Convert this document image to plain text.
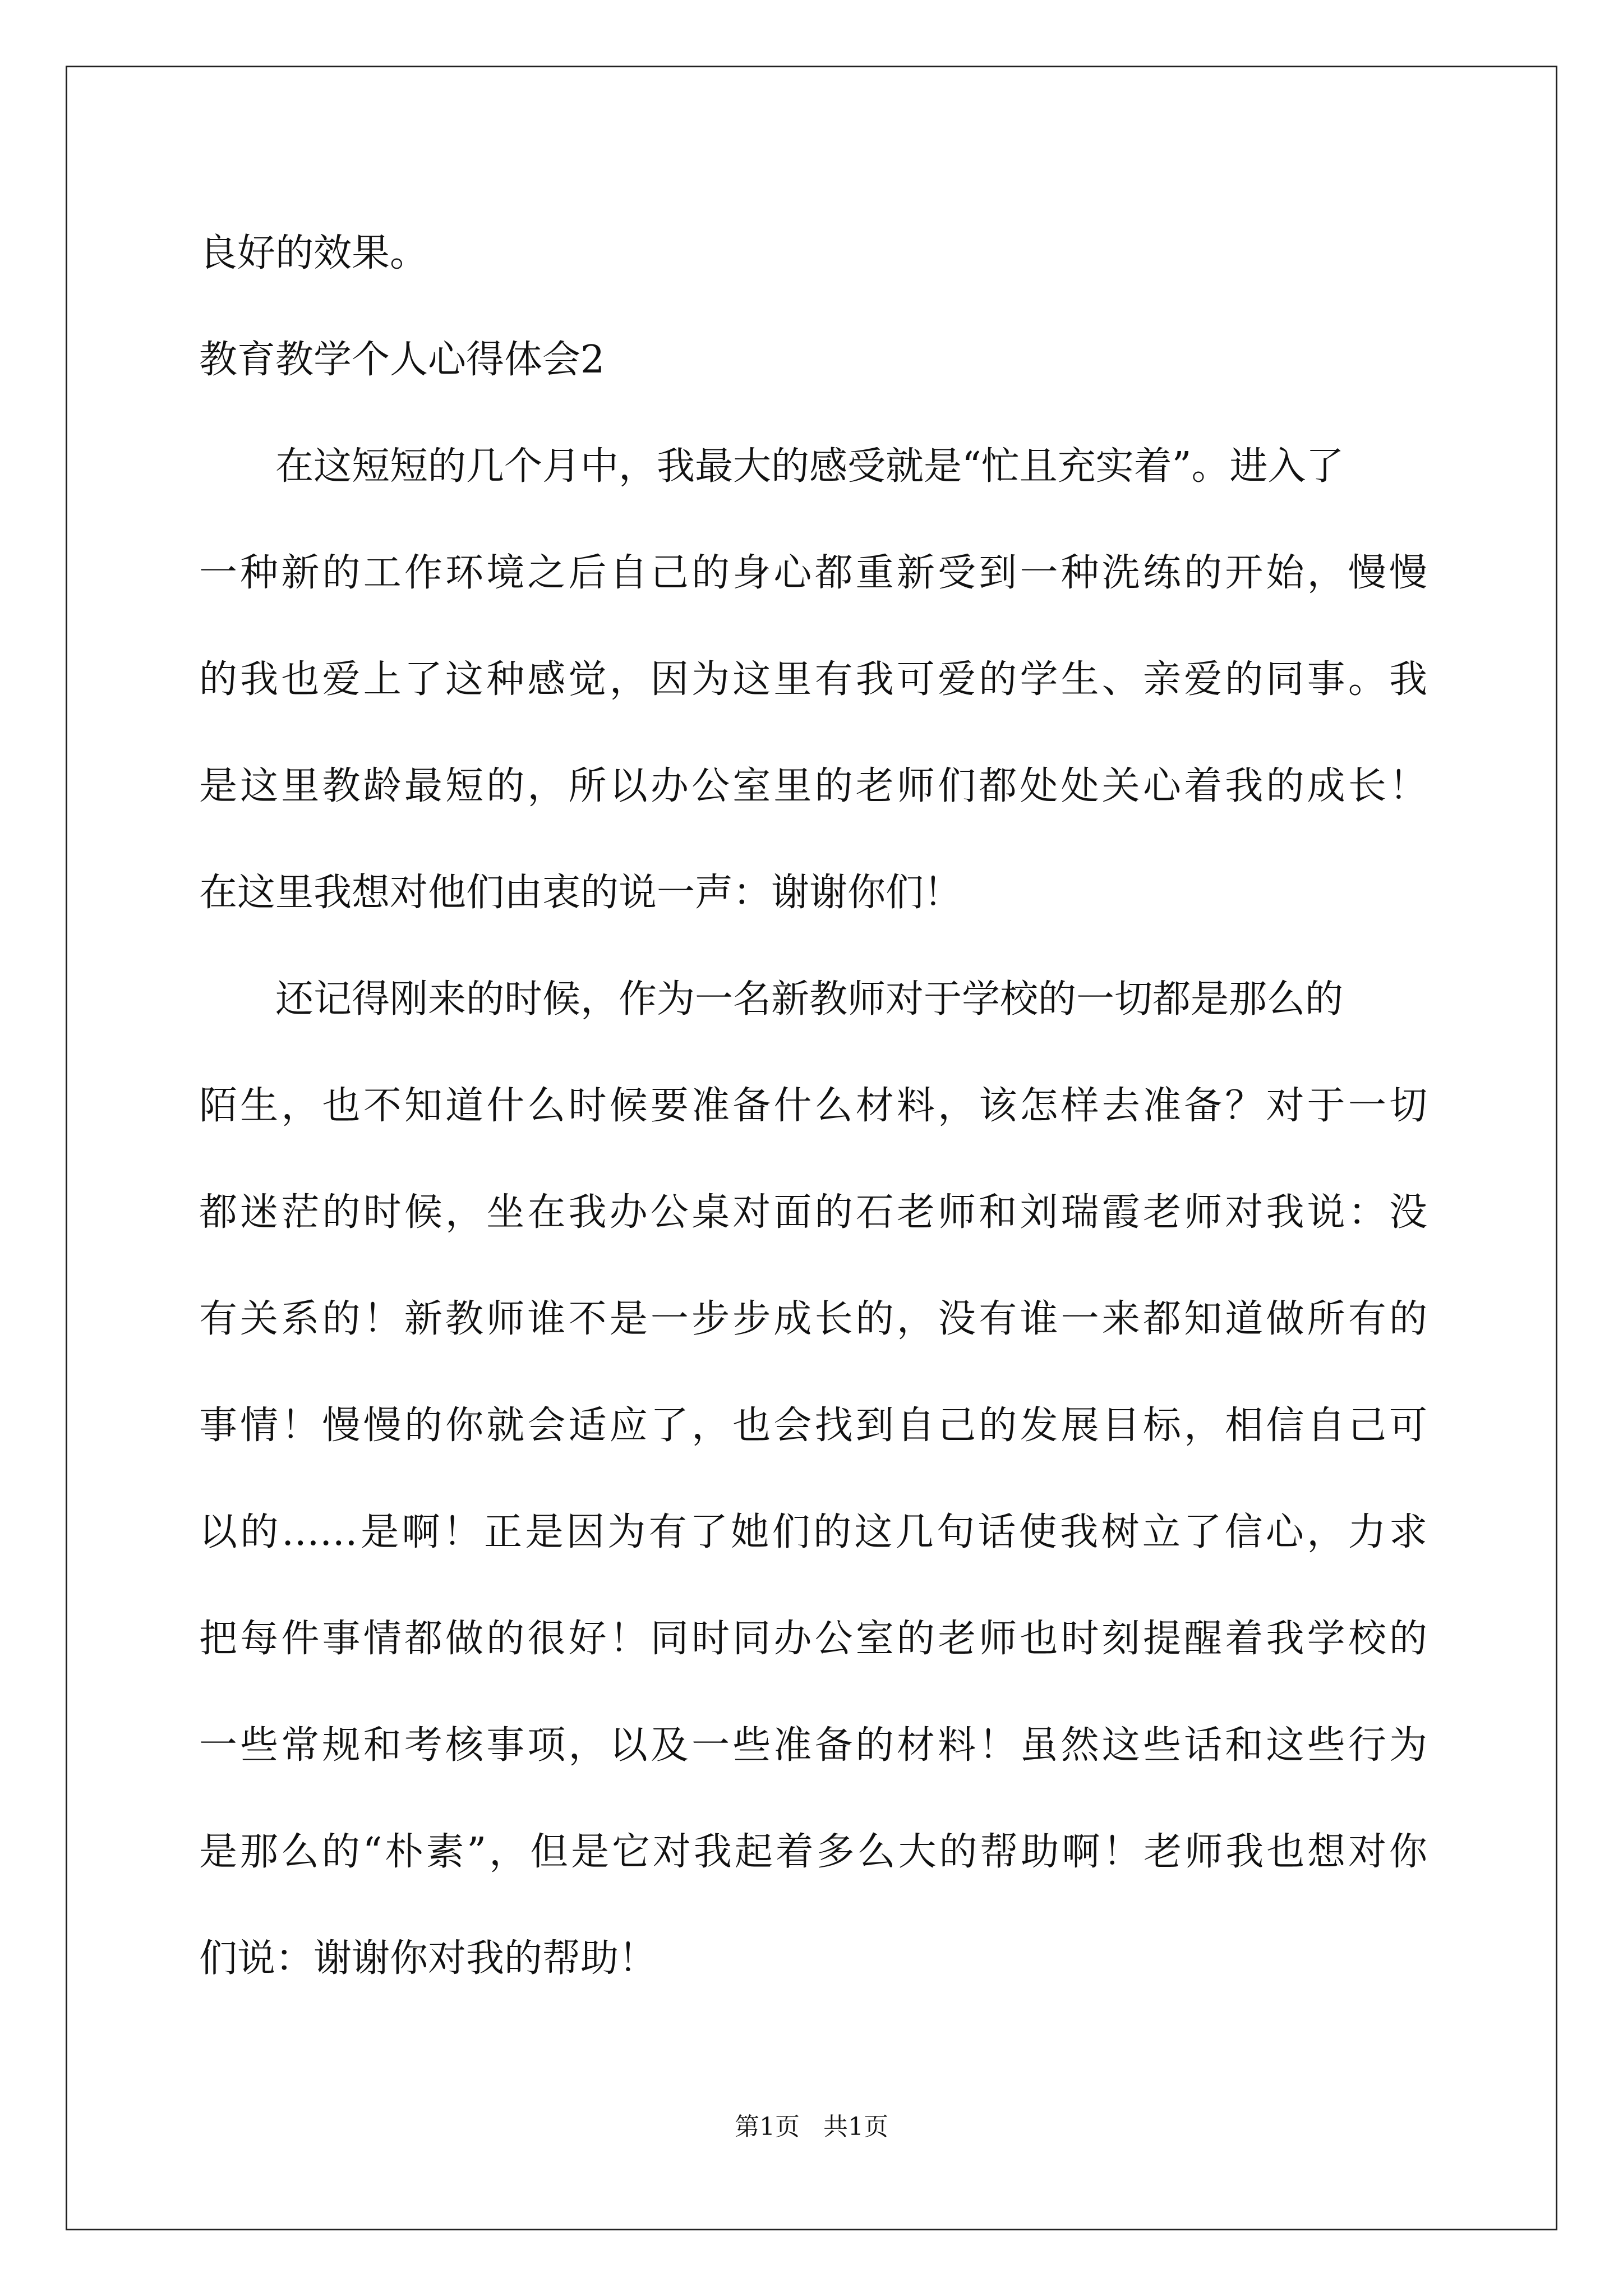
良好的效果。

教育教学个人心得体会2

在这短短的几个月中，我最大的感受就是“忙且充实着”。进入了

一种新的工作环境之后自己的身心都重新受到一种洗练的开始，慢慢

的我也爱上了这种感觉，因为这里有我可爱的学生、亲爱的同事。我

是这里教龄最短的，所以办公室里的老师们都处处关心着我的成长！

在这里我想对他们由衷的说一声：谢谢你们！

还记得刚来的时候，作为一名新教师对于学校的一切都是那么的

陌生，也不知道什么时候要准备什么材料，该怎样去准备？对于一切

都迷茫的时候，坐在我办公桌对面的石老师和刘瑞霞老师对我说：没

有关系的！新教师谁不是一步步成长的，没有谁一来都知道做所有的

事情！慢慢的你就会适应了，也会找到自己的发展目标，相信自己可

以的……是啊！正是因为有了她们的这几句话使我树立了信心，力求

把每件事情都做的很好！同时同办公室的老师也时刻提醒着我学校的

一些常规和考核事项，以及一些准备的材料！虽然这些话和这些行为

是那么的“朴素”，但是它对我起着多么大的帮助啊！老师我也想对你

们说：谢谢你对我的帮助！

第1页   共1页
